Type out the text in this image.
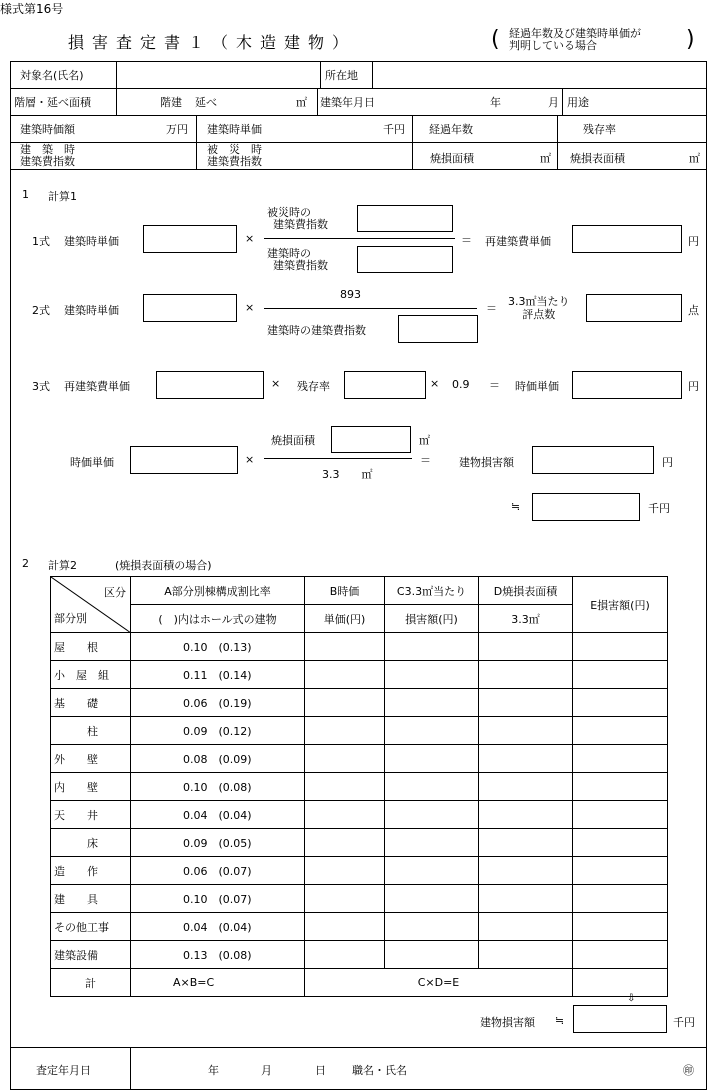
様式第16号
損害査定書１（木造建物）	( 経過年数及び建築時単価が
判明している場合	)
対象名(氏名)	所在地
階層・延べ面積	階建 延べ	㎡ 建築年月日	年	月 用途
建築時価額	万円 建築時単価	千円 経過年数	残存率
建　築　時
建築費指数
被　災　時
建築費指数	焼損面積	㎡ 焼損表面積	㎡
1 計算1
1式 建築時単価	×
被災時の
建築費指数
建築時の
建築費指数
＝ 再建築費単価	円
2式 建築時単価	×
893
建築時の建築費指数
＝
3.3㎡当たり
評点数	点
3式 再建築費単価	× 残存率	× 0.9 ＝ 時価単価	円
時価単価	×
焼損面積	㎡
3.3　　㎡
＝	建物損害額	円
≒	千円
2 計算2	(焼損表面積の場合)
区分
部分別	A部分別棟構成割比率	B時価	C3.3㎡当たり	D焼損表面積	E損害額(円)
	(　)内はホール式の建物	単価(円)	損害額(円)	3.3㎡	
屋　　根	0.10　(0.13)				
小　屋　組	0.11　(0.14)				
基　　礎	0.06　(0.19)				
柱	0.09　(0.12)				
外　　壁	0.08　(0.09)				
内　　壁	0.10　(0.08)				
天　　井	0.04　(0.04)				
床	0.09　(0.05)				
造　　作	0.06　(0.07)				
建　　具	0.10　(0.07)				
その他工事	0.04　(0.04)				
建築設備	0.13　(0.08)				
計	A×B=C	C×D=E			
⇩
建物損害額 ≒	千円
査定年月日	年	月	日 職名・氏名	㊞
